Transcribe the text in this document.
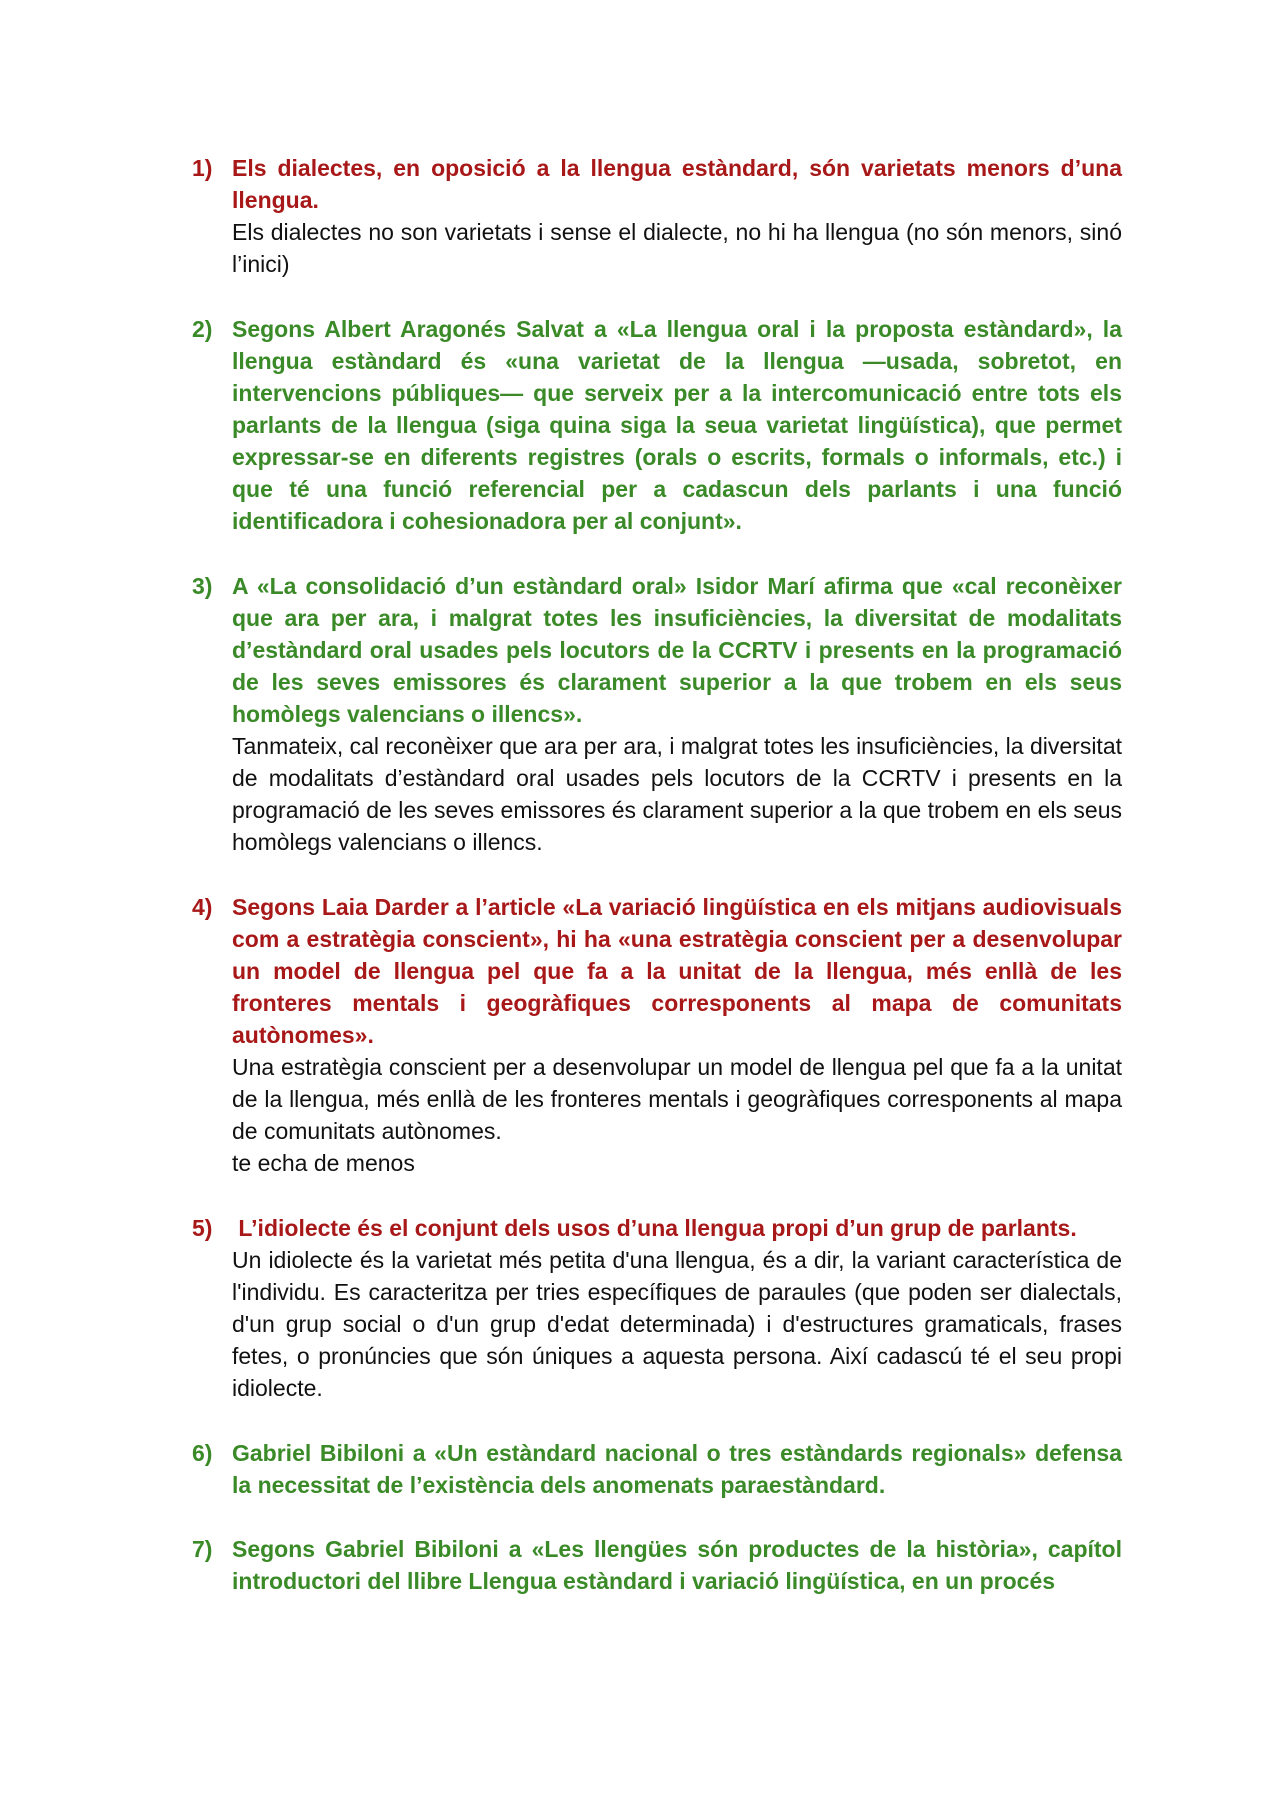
1) Els dialectes, en oposició a la llengua estàndard, són varietats menors d’una llengua.

Els dialectes no son varietats i sense el dialecte, no hi ha llengua (no són menors, sinó l’inici)

2) Segons Albert Aragonés Salvat a «La llengua oral i la proposta estàndard», la llengua estàndard és «una varietat de la llengua —usada, sobretot, en intervencions públiques— que serveix per a la intercomunicació entre tots els parlants de la llengua (siga quina siga la seua varietat lingüística), que permet expressar-se en diferents registres (orals o escrits, formals o informals, etc.) i que té una funció referencial per a cadascun dels parlants i una funció identificadora i cohesionadora per al conjunt».

3) A «La consolidació d’un estàndard oral» Isidor Marí afirma que «cal reconèixer que ara per ara, i malgrat totes les insuficiències, la diversitat de modalitats d’estàndard oral usades pels locutors de la CCRTV i presents en la programació de les seves emissores és clarament superior a la que trobem en els seus homòlegs valencians o illencs».

Tanmateix, cal reconèixer que ara per ara, i malgrat totes les insuficiències, la diversitat de modalitats d’estàndard oral usades pels locutors de la CCRTV i presents en la programació de les seves emissores és clarament superior a la que trobem en els seus homòlegs valencians o illencs.

4) Segons Laia Darder a l’article «La variació lingüística en els mitjans audiovisuals com a estratègia conscient», hi ha «una estratègia conscient per a desenvolupar un model de llengua pel que fa a la unitat de la llengua, més enllà de les fronteres mentals i geogràfiques corresponents al mapa de comunitats autònomes».

Una estratègia conscient per a desenvolupar un model de llengua pel que fa a la unitat de la llengua, més enllà de les fronteres mentals i geogràfiques corresponents al mapa de comunitats autònomes.

te echa de menos

5) L’idiolecte és el conjunt dels usos d’una llengua propi d’un grup de parlants.

Un idiolecte és la varietat més petita d'una llengua, és a dir, la variant característica de l'individu. Es caracteritza per tries específiques de paraules (que poden ser dialectals, d'un grup social o d'un grup d'edat determinada) i d'estructures gramaticals, frases fetes, o pronúncies que són úniques a aquesta persona. Així cadascú té el seu propi idiolecte.

6) Gabriel Bibiloni a «Un estàndard nacional o tres estàndards regionals» defensa la necessitat de l’existència dels anomenats paraestàndard.

7) Segons Gabriel Bibiloni a «Les llengües són productes de la història», capítol introductori del llibre Llengua estàndard i variació lingüística, en un procés
